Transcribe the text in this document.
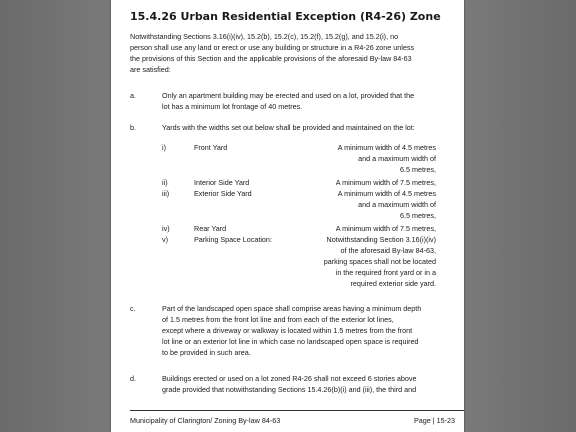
15.4.26 Urban Residential Exception (R4-26) Zone
Notwithstanding Sections 3.16(i)(iv), 15.2(b), 15.2(c), 15.2(f), 15.2(g), and 15.2(i), no
person shall use any land or erect or use any building or structure in a R4-26 zone unless
the provisions of this Section and the applicable provisions of the aforesaid By-law 84-63
are satisfied:
a.	Only an apartment building may be erected and used on a lot, provided that the
lot has a minimum lot frontage of 40 metres.
b.	Yards with the widths set out below shall be provided and maintained on the lot:
i)	Front Yard	A minimum width of 4.5 metres
and a maximum width of
6.5 metres,
ii)	Interior Side Yard	A minimum width of 7.5 metres,
iii)	Exterior Side Yard	A minimum width of 4.5 metres
and a maximum width of
6.5 metres,
iv)	Rear Yard	A minimum width of 7.5 metres,
v)	Parking Space Location:	Notwithstanding Section 3.16(i)(iv)
of the aforesaid By-law 84-63,
parking spaces shall not be located
in the required front yard or in a
required exterior side yard.
c.	Part of the landscaped open space shall comprise areas having a minimum depth
of 1.5 metres from the front lot line and from each of the exterior lot lines,
except where a driveway or walkway is located within 1.5 metres from the front
lot line or an exterior lot line in which case no landscaped open space is required
to be provided in such area.
d.	Buildings erected or used on a lot zoned R4-26 shall not exceed 6 stories above
grade provided that notwithstanding Sections 15.4.26(b)(i) and (iii), the third and
Municipality of Clarington/ Zoning By-law 84-63	Page | 15-23
